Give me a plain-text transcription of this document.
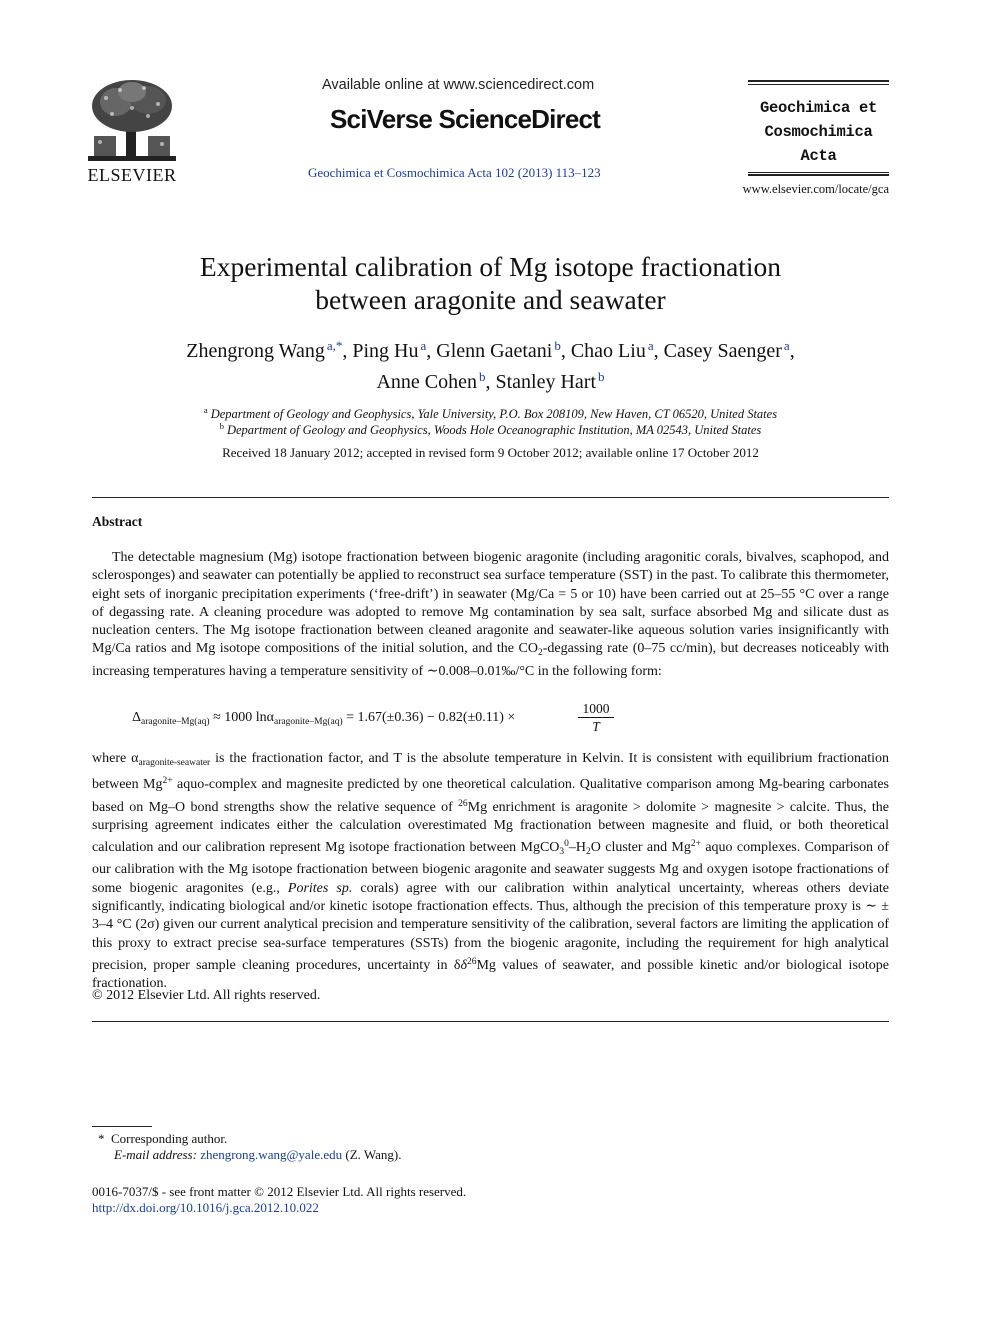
ELSEVIER
Available online at www.sciencedirect.com
SciVerse ScienceDirect
Geochimica et Cosmochimica Acta 102 (2013) 113–123
Geochimica et
Cosmochimica
Acta
www.elsevier.com/locate/gca
Experimental calibration of Mg isotope fractionation
between aragonite and seawater
Zhengrong Wang $^{a,*}$, Ping Hu $^a$, Glenn Gaetani $^b$, Chao Liu $^a$, Casey Saenger $^a$,
Anne Cohen $^b$, Stanley Hart $^b$
$^a$ Department of Geology and Geophysics, Yale University, P.O. Box 208109, New Haven, CT 06520, United States
$^b$ Department of Geology and Geophysics, Woods Hole Oceanographic Institution, MA 02543, United States
Received 18 January 2012; accepted in revised form 9 October 2012; available online 17 October 2012
Abstract
The detectable magnesium (Mg) isotope fractionation between biogenic aragonite (including aragonitic corals, bivalves, scaphopod, and sclerosponges) and seawater can potentially be applied to reconstruct sea surface temperature (SST) in the past. To calibrate this thermometer, eight sets of inorganic precipitation experiments (‘free-drift’) in seawater (Mg/Ca = 5 or 10) have been carried out at 25–55 °C over a range of degassing rate. A cleaning procedure was adopted to remove Mg contamination by sea salt, surface absorbed Mg and silicate dust as nucleation centers. The Mg isotope fractionation between cleaned aragonite and seawater-like aqueous solution varies insignificantly with Mg/Ca ratios and Mg isotope compositions of the initial solution, and the $CO_2$-degassing rate (0–75 cc/min), but decreases noticeably with increasing temperatures having a temperature sensitivity of ∼0.008–0.01‰/°C in the following form:
$\Delta_{aragonite-Mg(aq)} \approx 1000$ lnα$_{aragonite-Mg(aq)}$ = 1.67(±0.36) − 0.82(±0.11) ×	$\frac{1000}{T}$
where $\alpha_{aragonite-seawater}$ is the fractionation factor, and T is the absolute temperature in Kelvin. It is consistent with equilibrium fractionation between $Mg^{2+}$ aquo-complex and magnesite predicted by one theoretical calculation. Qualitative comparison among Mg-bearing carbonates based on Mg–O bond strengths show the relative sequence of $^{26}$Mg enrichment is aragonite > dolomite > magnesite > calcite. Thus, the surprising agreement indicates either the calculation overestimated Mg fractionation between magnesite and fluid, or both theoretical calculation and our calibration represent Mg isotope fractionation between $MgCO_3^0-H_2O$ cluster and $Mg^{2+}$ aquo complexes. Comparison of our calibration with the Mg isotope fractionation between biogenic aragonite and seawater suggests Mg and oxygen isotope fractionations of some biogenic aragonites (e.g., Porites sp. corals) agree with our calibration within analytical uncertainty, whereas others deviate significantly, indicating biological and/or kinetic isotope fractionation effects. Thus, although the precision of this temperature proxy is ∼ ± 3–4 °C (2σ) given our current analytical precision and temperature sensitivity of the calibration, several factors are limiting the application of this proxy to extract precise sea-surface temperatures (SSTs) from the biogenic aragonite, including the requirement for high analytical precision, proper sample cleaning procedures, uncertainty in $\delta\delta^{26}Mg$ values of seawater, and possible kinetic and/or biological isotope fractionation.
© 2012 Elsevier Ltd. All rights reserved.
* Corresponding author.
E-mail address: zhengrong.wang@yale.edu (Z. Wang).
0016-7037/$ - see front matter © 2012 Elsevier Ltd. All rights reserved.
http://dx.doi.org/10.1016/j.gca.2012.10.022
